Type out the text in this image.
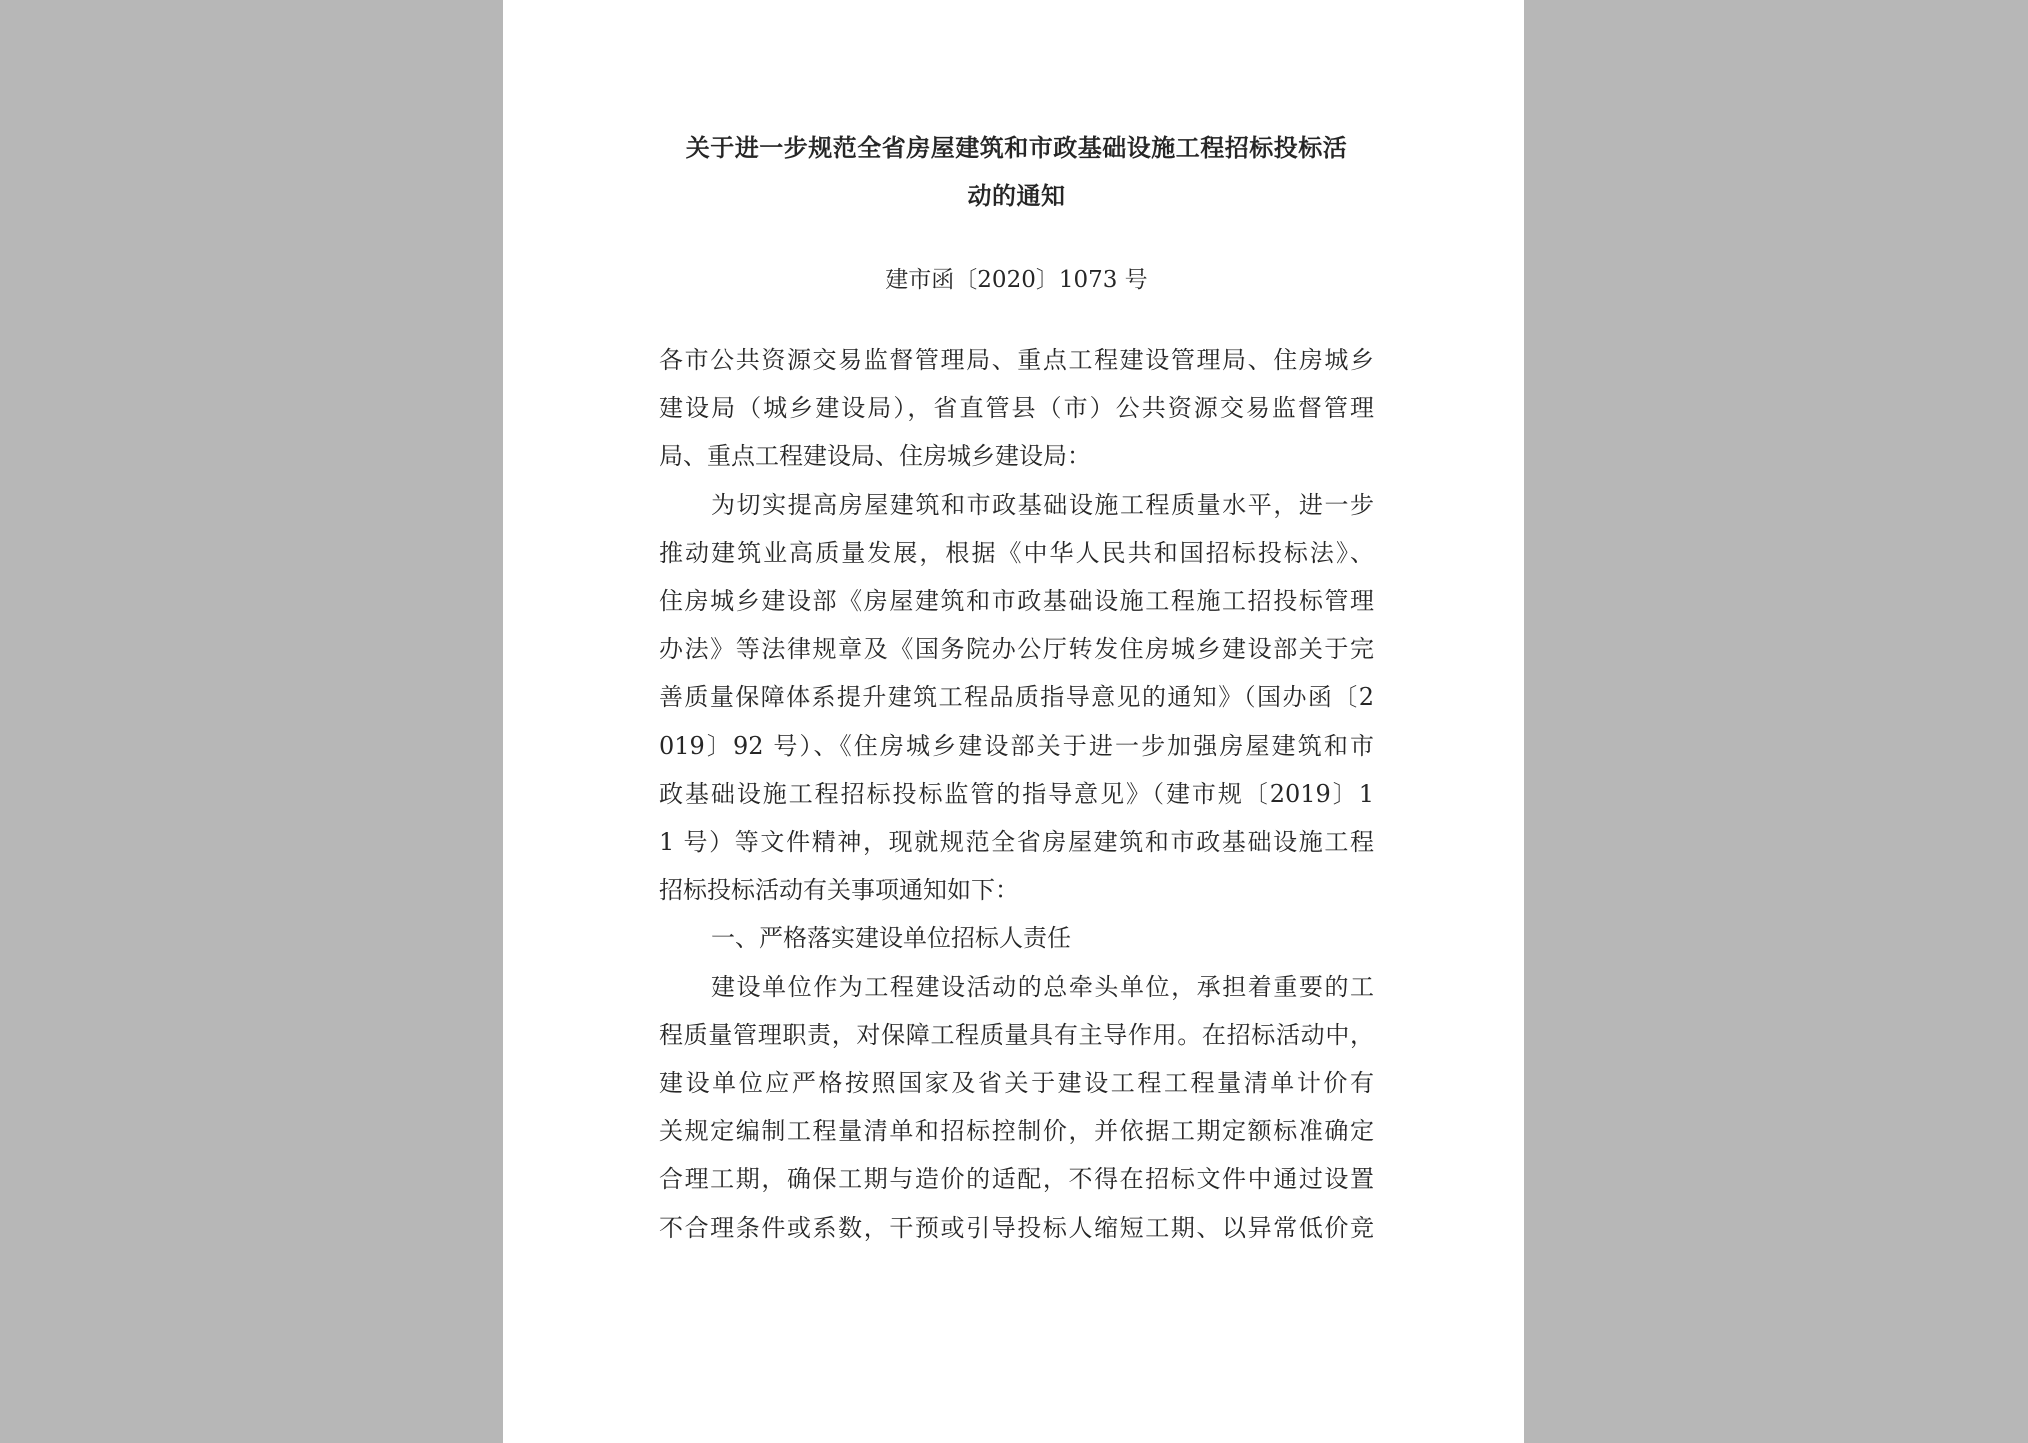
关于进一步规范全省房屋建筑和市政基础设施工程招标投标活
动的通知

建市函〔2020〕1073 号

各市公共资源交易监督管理局、重点工程建设管理局、住房城乡

建设局（城乡建设局），省直管县（市）公共资源交易监督管理

局、重点工程建设局、住房城乡建设局：

为切实提高房屋建筑和市政基础设施工程质量水平，进一步

推动建筑业高质量发展，根据《中华人民共和国招标投标法》、

住房城乡建设部《房屋建筑和市政基础设施工程施工招投标管理

办法》等法律规章及《国务院办公厅转发住房城乡建设部关于完

善质量保障体系提升建筑工程品质指导意见的通知》（国办函〔2

019〕92 号）、《住房城乡建设部关于进一步加强房屋建筑和市

政基础设施工程招标投标监管的指导意见》（建市规〔2019〕1

1 号）等文件精神，现就规范全省房屋建筑和市政基础设施工程

招标投标活动有关事项通知如下：

一、严格落实建设单位招标人责任

建设单位作为工程建设活动的总牵头单位，承担着重要的工

程质量管理职责，对保障工程质量具有主导作用。在招标活动中，

建设单位应严格按照国家及省关于建设工程工程量清单计价有

关规定编制工程量清单和招标控制价，并依据工期定额标准确定

合理工期，确保工期与造价的适配，不得在招标文件中通过设置

不合理条件或系数，干预或引导投标人缩短工期、以异常低价竞
